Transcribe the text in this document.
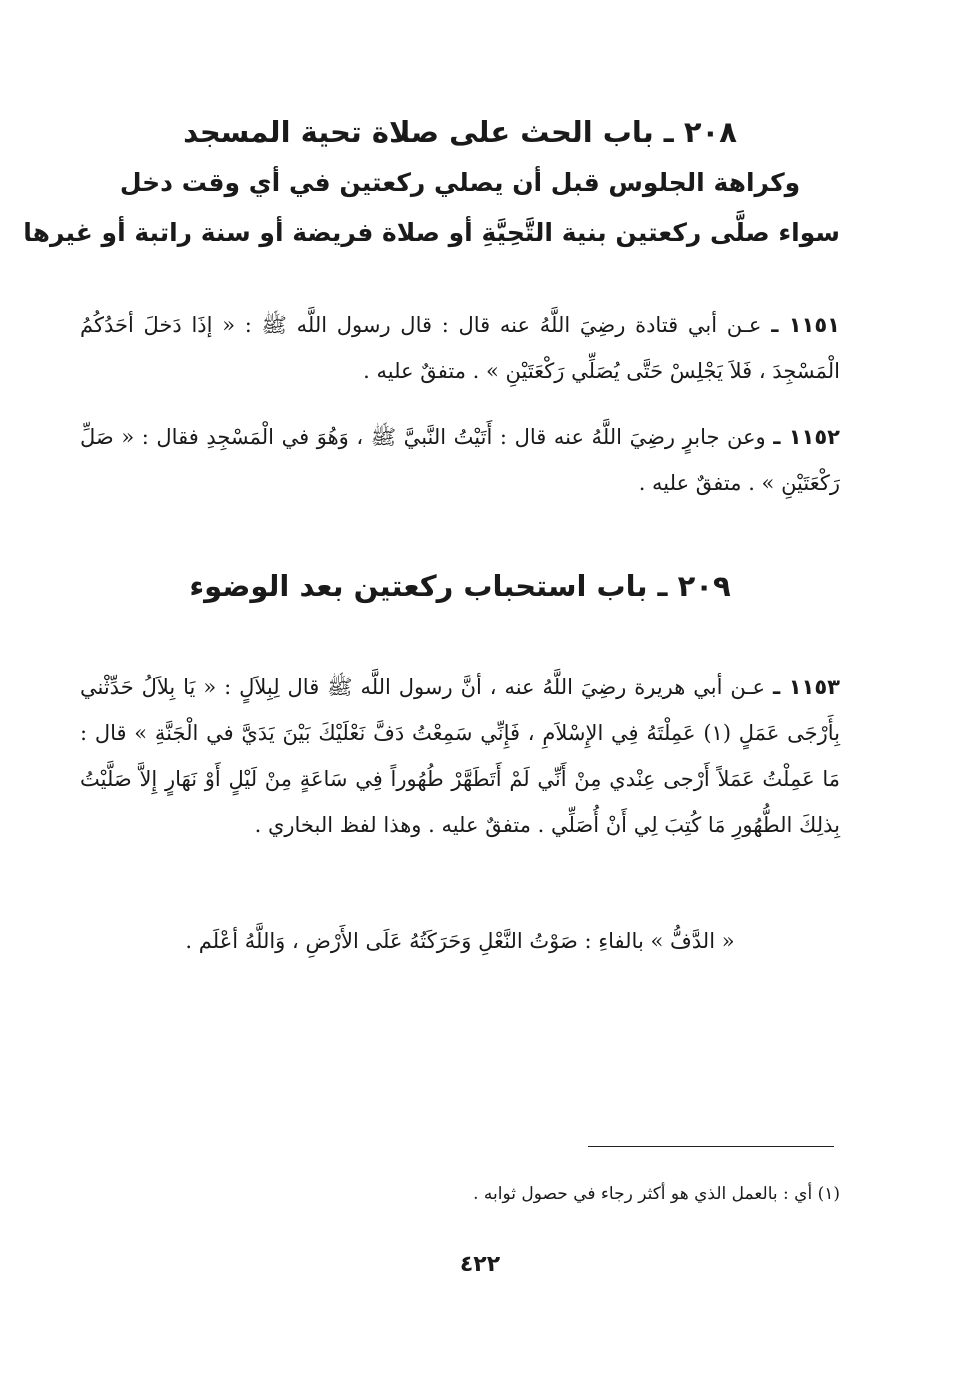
٢٠٨ ـ باب الحث على صلاة تحية المسجد
وكراهة الجلوس قبل أن يصلي ركعتين في أي وقت دخل
سواء صلَّى ركعتين بنية التَّحِيَّةِ أو صلاة فريضة أو سنة راتبة أو غيرها
١١٥١ ـ عـن أبي قتادة رضِيَ اللَّهُ عنه قال : قال رسول اللَّه ﷺ : « إذَا دَخلَ أحَدُكُمُ الْمَسْجِدَ ، فَلاَ يَجْلِسْ حَتَّى يُصَلِّي رَكْعَتَيْنِ » . متفقٌ عليه .
١١٥٢ ـ وعن جابرٍ رضِيَ اللَّهُ عنه قال : أَتَيْتُ النَّبيَّ ﷺ ، وَهُوَ في الْمَسْجِدِ فقال : « صَلِّ رَكْعَتَيْنِ » . متفقٌ عليه .
٢٠٩ ـ باب استحباب ركعتين بعد الوضوء
١١٥٣ ـ عـن أبي هريرة رضِيَ اللَّهُ عنه ، أنَّ رسول اللَّه ﷺ قال لِبِلاَلٍ : « يَا بِلاَلُ حَدِّثْني بِأَرْجَى عَمَلٍ (١) عَمِلْتَهُ فِي الإِسْلاَمِ ، فَإِنِّي سَمِعْتُ دَفَّ نَعْلَيْكَ بَيْنَ يَدَيَّ في الْجَنَّةِ » قال : مَا عَمِلْتُ عَمَلاً أَرْجى عِنْدي مِنْ أَنِّي لَمْ أَتَطَهَّرْ طُهُوراً فِي سَاعَةٍ مِنْ لَيْلٍ أَوْ نَهَارٍ إِلاَّ صَلَّيْتُ بِذلِكَ الطُّهُورِ مَا كُتِبَ لِي أَنْ أُصَلِّي . متفقٌ عليه . وهذا لفظ البخاري .
« الدَّفُّ » بالفاءِ : صَوْتُ النَّعْلِ وَحَرَكَتُهُ عَلَى الأَرْضِ ، وَاللَّهُ أعْلَم .
(١) أي : بالعمل الذي هو أكثر رجاء في حصول ثوابه .
٤٢٢
